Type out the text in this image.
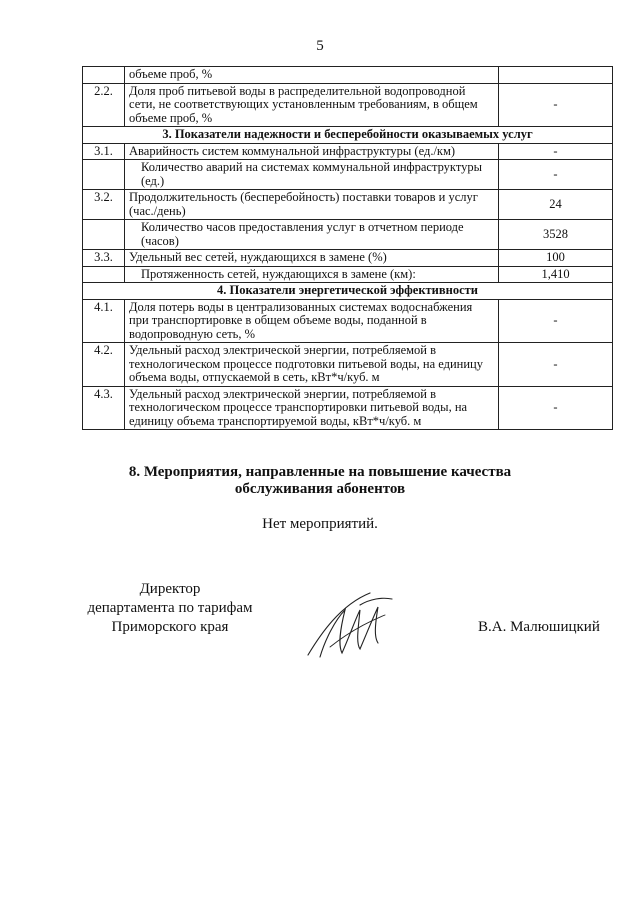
5
	объеме проб, %	
2.2.	Доля проб питьевой воды в распределительной водопроводной сети, не соответствующих установленным требованиям, в общем объеме проб, %	-
3. Показатели надежности и бесперебойности оказываемых услуг		
3.1.	Аварийность систем коммунальной инфраструктуры (ед./км)	-
	Количество аварий на системах коммунальной инфраструктуры (ед.)	-
3.2.	Продолжительность (бесперебойность) поставки товаров и услуг (час./день)	24
	Количество часов предоставления услуг в отчетном периоде (часов)	3528
3.3.	Удельный вес сетей, нуждающихся в замене (%)	100
	Протяженность сетей, нуждающихся в замене (км):	1,410
4. Показатели энергетической эффективности		
4.1.	Доля потерь воды в централизованных системах водоснабжения при транспортировке в общем объеме воды, поданной в водопроводную сеть, %	-
4.2.	Удельный расход электрической энергии, потребляемой в технологическом процессе подготовки питьевой воды, на единицу объема воды, отпускаемой в сеть, кВт*ч/куб. м	-
4.3.	Удельный расход электрической энергии, потребляемой в технологическом процессе транспортировки питьевой воды, на единицу объема транспортируемой воды, кВт*ч/куб. м	-
8. Мероприятия, направленные на повышение качества
обслуживания абонентов
Нет мероприятий.
Директор
департамента по тарифам
Приморского края	В.А. Малюшицкий
